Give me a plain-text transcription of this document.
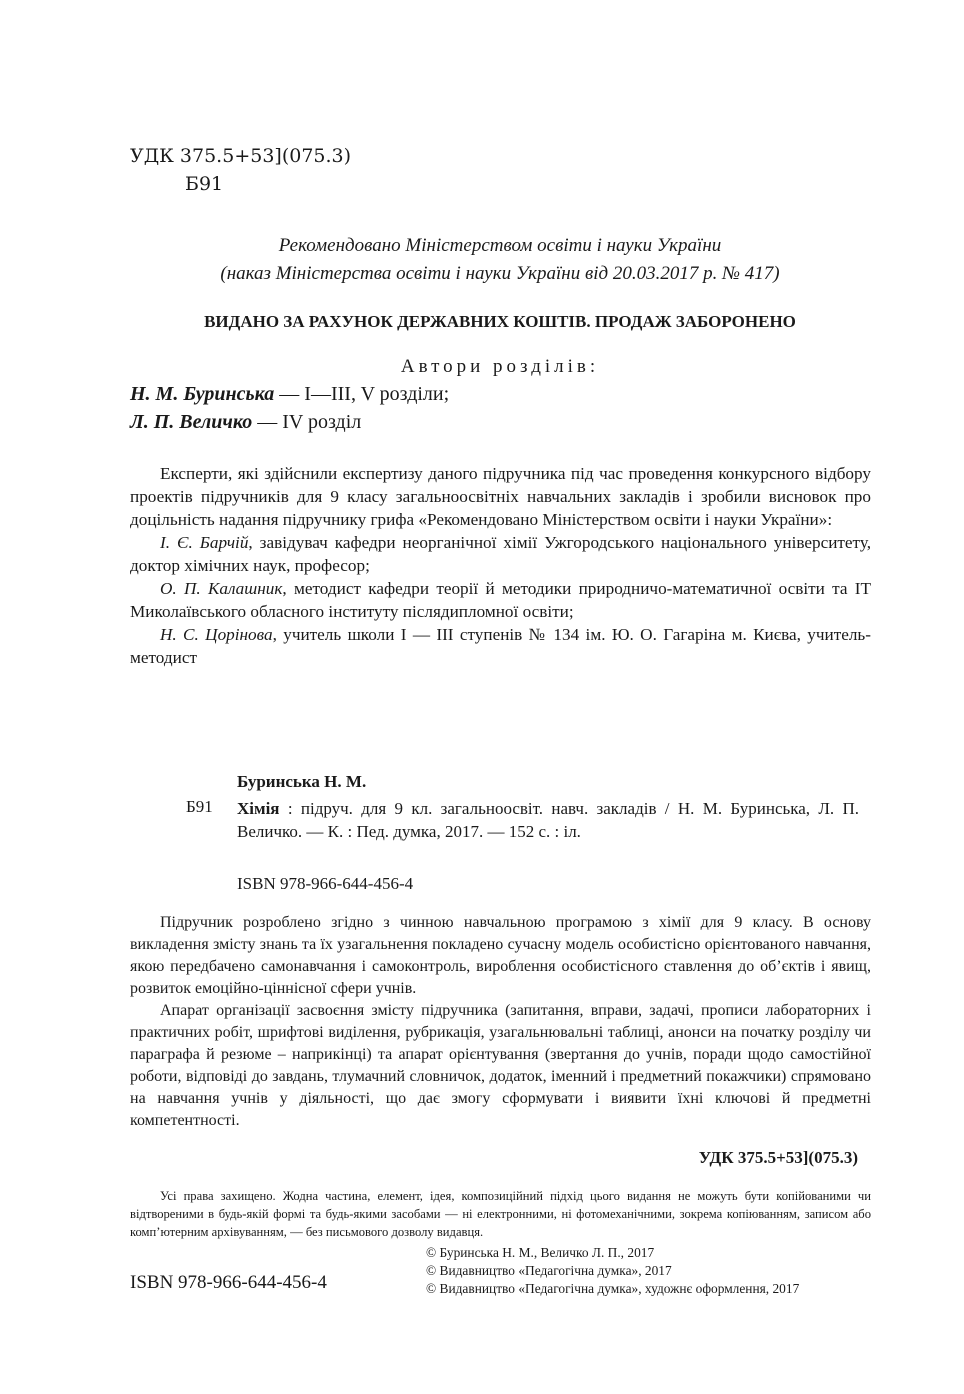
УДК 375.5+53](075.3)
Б91
Рекомендовано Міністерством освіти і науки України
(наказ Міністерства освіти і науки України від 20.03.2017 р. № 417)
ВИДАНО ЗА РАХУНОК ДЕРЖАВНИХ КОШТІВ. ПРОДАЖ ЗАБОРОНЕНО
Автори розділів:
Н. М. Буринська — I—III, V розділи;
Л. П. Величко — IV розділ

Експерти, які здійснили експертизу даного підручника під час проведення конкурсного відбору проектів підручників для 9 класу загальноосвітніх навчальних закладів і зробили висновок про доцільність надання підручнику грифа «Рекомендовано Міністерством освіти і науки України»:

І. Є. Барчій, завідувач кафедри неорганічної хімії Ужгородського національного університету, доктор хімічних наук, професор;

О. П. Калашник, методист кафедри теорії й методики природничо-математичної освіти та ІТ Миколаївського обласного інституту післядипломної освіти;

Н. С. Цорінова, учитель школи І — ІІІ ступенів № 134 ім. Ю. О. Гагаріна м. Києва, учитель-методист

Буринська Н. М.
Б91 Хімія : підруч. для 9 кл. загальноосвіт. навч. закладів / Н. М. Буринська, Л. П. Величко. — К. : Пед. думка, 2017. — 152 с. : іл.
ISBN 978-966-644-456-4

Підручник розроблено згідно з чинною навчальною програмою з хімії для 9 класу. В основу викладення змісту знань та їх узагальнення покладено сучасну модель особистісно орієнтованого навчання, якою передбачено самонавчання і самоконтроль, вироблення особистісного ставлення до об’єктів і явищ, розвиток емоційно-ціннісної сфери учнів.

Апарат організації засвоєння змісту підручника (запитання, вправи, задачі, прописи лабораторних і практичних робіт, шрифтові виділення, рубрикація, узагальнювальні таблиці, анонси на початку розділу чи параграфа й резюме – наприкінці) та апарат орієнтування (звертання до учнів, поради щодо самостійної роботи, відповіді до завдань, тлумачний словничок, додаток, іменний і предметний покажчики) спрямовано на навчання учнів у діяльності, що дає змогу сформувати і виявити їхні ключові й предметні компетентності.

УДК 375.5+53](075.3)

Усі права захищено. Жодна частина, елемент, ідея, композиційний підхід цього видання не можуть бути копійованими чи відтвореними в будь-якій формі та будь-якими засобами — ні електронними, ні фотомеханічними, зокрема копіюванням, записом або комп’ютерним архівуванням, — без письмового дозволу видавця.

© Буринська Н. М., Величко Л. П., 2017
© Видавництво «Педагогічна думка», 2017
© Видавництво «Педагогічна думка», художнє оформлення, 2017
ISBN 978-966-644-456-4
